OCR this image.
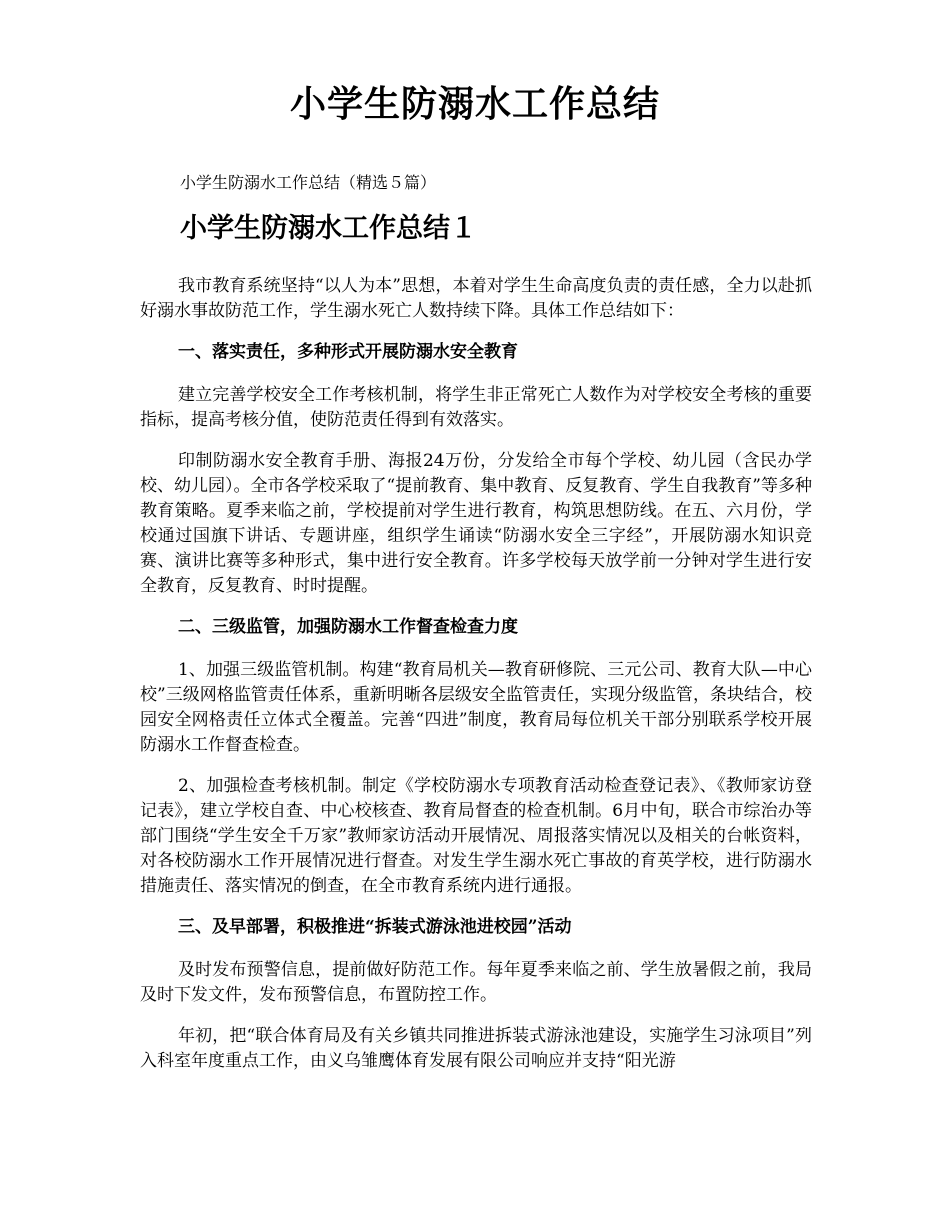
小学生防溺水工作总结
小学生防溺水工作总结（精选５篇）
小学生防溺水工作总结１

我市教育系统坚持“以人为本”思想，本着对学生生命高度负责的责任感，全力以赴抓好溺水事故防范工作，学生溺水死亡人数持续下降。具体工作总结如下：

一、落实责任，多种形式开展防溺水安全教育

建立完善学校安全工作考核机制，将学生非正常死亡人数作为对学校安全考核的重要指标，提高考核分值，使防范责任得到有效落实。

印制防溺水安全教育手册、海报24万份，分发给全市每个学校、幼儿园（含民办学校、幼儿园）。全市各学校采取了“提前教育、集中教育、反复教育、学生自我教育”等多种教育策略。夏季来临之前，学校提前对学生进行教育，构筑思想防线。在五、六月份，学校通过国旗下讲话、专题讲座，组织学生诵读“防溺水安全三字经”，开展防溺水知识竞赛、演讲比赛等多种形式，集中进行安全教育。许多学校每天放学前一分钟对学生进行安全教育，反复教育、时时提醒。

二、三级监管，加强防溺水工作督查检查力度

1、加强三级监管机制。构建“教育局机关—教育研修院、三元公司、教育大队—中心校”三级网格监管责任体系，重新明晰各层级安全监管责任，实现分级监管，条块结合，校园安全网格责任立体式全覆盖。完善“四进”制度，教育局每位机关干部分别联系学校开展防溺水工作督查检查。

2、加强检查考核机制。制定《学校防溺水专项教育活动检查登记表》、《教师家访登记表》，建立学校自查、中心校核查、教育局督查的检查机制。6月中旬，联合市综治办等部门围绕“学生安全千万家”教师家访活动开展情况、周报落实情况以及相关的台帐资料，对各校防溺水工作开展情况进行督查。对发生学生溺水死亡事故的育英学校，进行防溺水措施责任、落实情况的倒查，在全市教育系统内进行通报。

三、及早部署，积极推进“拆装式游泳池进校园”活动

及时发布预警信息，提前做好防范工作。每年夏季来临之前、学生放暑假之前，我局及时下发文件，发布预警信息，布置防控工作。

年初，把“联合体育局及有关乡镇共同推进拆装式游泳池建设，实施学生习泳项目”列入科室年度重点工作，由义乌雏鹰体育发展有限公司响应并支持“阳光游
